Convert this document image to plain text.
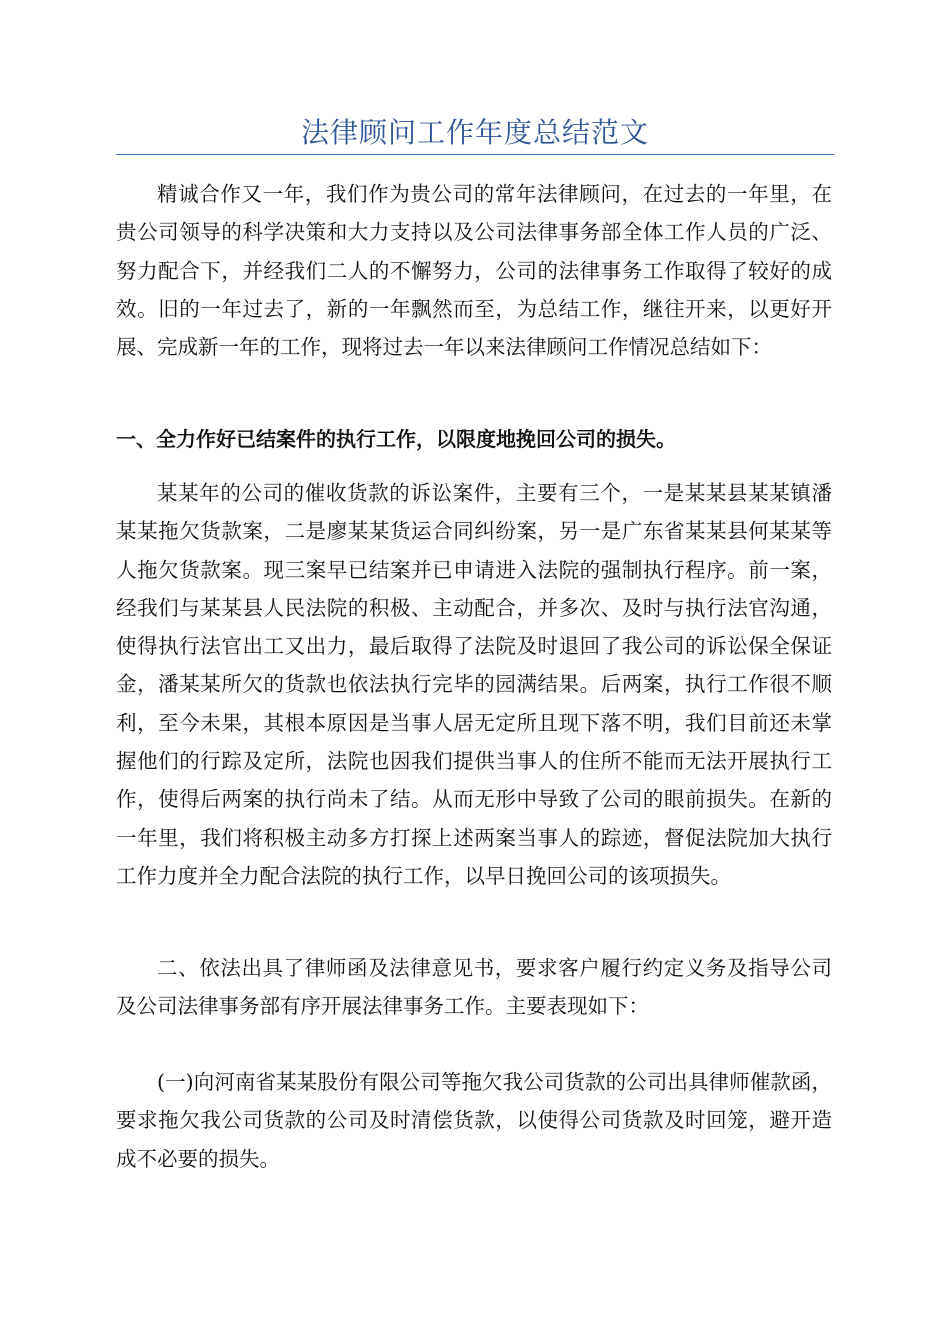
法律顾问工作年度总结范文

精诚合作又一年，我们作为贵公司的常年法律顾问，在过去的一年里，在贵公司领导的科学决策和大力支持以及公司法律事务部全体工作人员的广泛、努力配合下，并经我们二人的不懈努力，公司的法律事务工作取得了较好的成效。旧的一年过去了，新的一年飘然而至，为总结工作，继往开来，以更好开展、完成新一年的工作，现将过去一年以来法律顾问工作情况总结如下：

一、全力作好已结案件的执行工作，以限度地挽回公司的损失。

某某年的公司的催收货款的诉讼案件，主要有三个，一是某某县某某镇潘某某拖欠货款案，二是廖某某货运合同纠纷案，另一是广东省某某县何某某等人拖欠货款案。现三案早已结案并已申请进入法院的强制执行程序。前一案，经我们与某某县人民法院的积极、主动配合，并多次、及时与执行法官沟通，使得执行法官出工又出力，最后取得了法院及时退回了我公司的诉讼保全保证金，潘某某所欠的货款也依法执行完毕的园满结果。后两案，执行工作很不顺利，至今未果，其根本原因是当事人居无定所且现下落不明，我们目前还未掌握他们的行踪及定所，法院也因我们提供当事人的住所不能而无法开展执行工作，使得后两案的执行尚未了结。从而无形中导致了公司的眼前损失。在新的一年里，我们将积极主动多方打探上述两案当事人的踪迹，督促法院加大执行工作力度并全力配合法院的执行工作，以早日挽回公司的该项损失。

二、依法出具了律师函及法律意见书，要求客户履行约定义务及指导公司及公司法律事务部有序开展法律事务工作。主要表现如下：

(一)向河南省某某股份有限公司等拖欠我公司货款的公司出具律师催款函，要求拖欠我公司货款的公司及时清偿货款，以使得公司货款及时回笼，避开造成不必要的损失。
